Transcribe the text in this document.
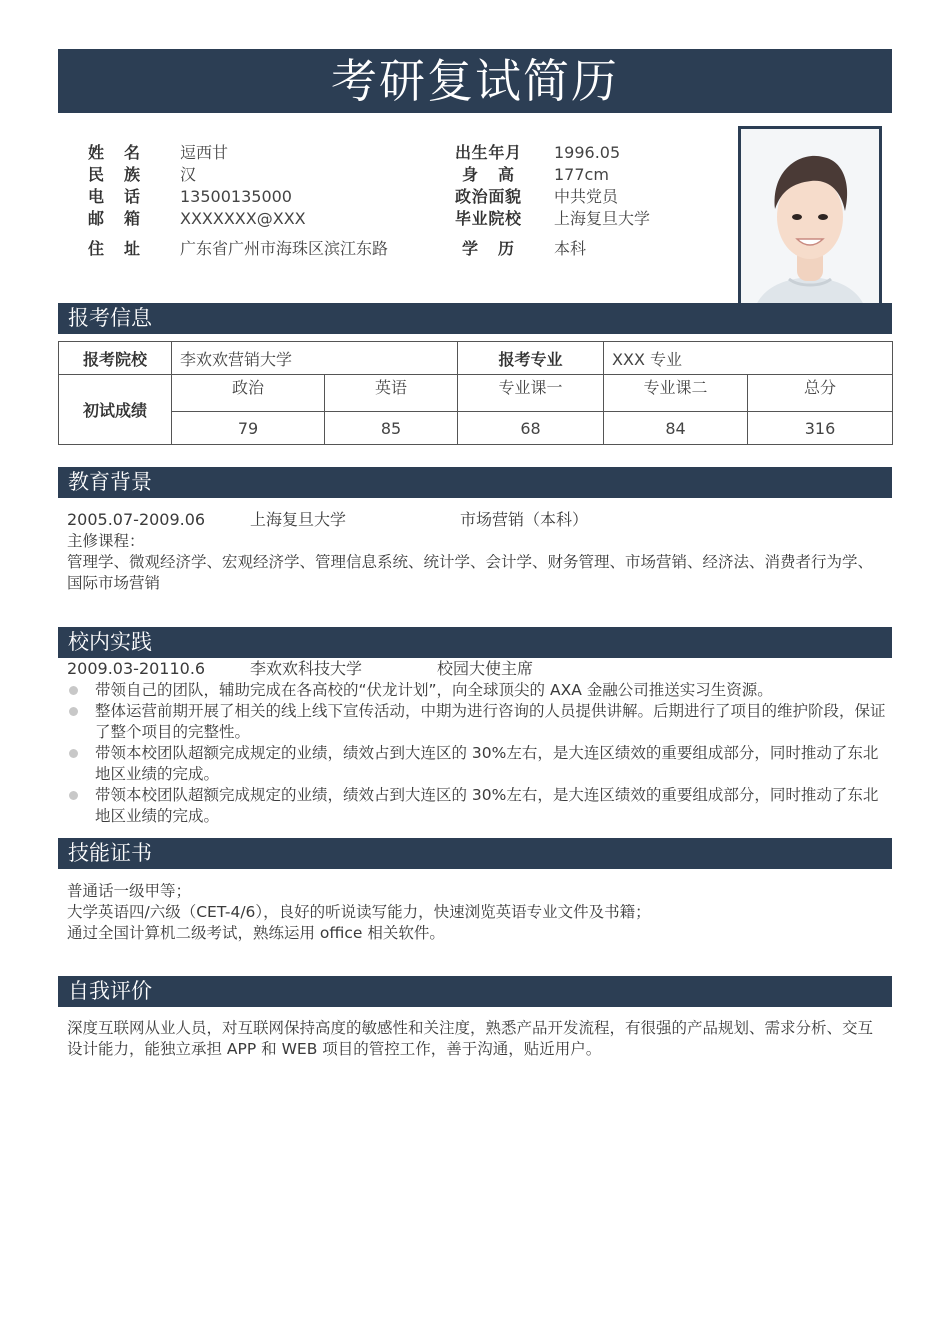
考研复试简历
姓名	逗西甘
民族	汉
电话	13500135000
邮箱	XXXXXXX@XXX
住址	广东省广州市海珠区滨江东路
出生年月 1996.05
身高	177cm
政治面貌 中共党员
毕业院校 上海复旦大学
学历	本科
报考信息
报考院校	李欢欢营销大学		报考专业	XXX 专业	
初试成绩	政治	英语	专业课一	专业课二	总分
	79	85	68	84	316
教育背景
2005.07-2009.06	上海复旦大学	市场营销（本科）
主修课程：
管理学、微观经济学、宏观经济学、管理信息系统、统计学、会计学、财务管理、市场营销、经济法、消费者行为学、国际市场营销
校内实践
2009.03-20110.6	李欢欢科技大学	校园大使主席
带领自己的团队，辅助完成在各高校的“伏龙计划”，向全球顶尖的 AXA 金融公司推送实习生资源。
整体运营前期开展了相关的线上线下宣传活动，中期为进行咨询的人员提供讲解。后期进行了项目的维护阶段，保证了整个项目的完整性。
带领本校团队超额完成规定的业绩，绩效占到大连区的 30%左右，是大连区绩效的重要组成部分，同时推动了东北地区业绩的完成。
带领本校团队超额完成规定的业绩，绩效占到大连区的 30%左右，是大连区绩效的重要组成部分，同时推动了东北地区业绩的完成。
技能证书
普通话一级甲等；
大学英语四/六级（CET-4/6），良好的听说读写能力，快速浏览英语专业文件及书籍；
通过全国计算机二级考试，熟练运用 office 相关软件。
自我评价
深度互联网从业人员，对互联网保持高度的敏感性和关注度，熟悉产品开发流程，有很强的产品规划、需求分析、交互设计能力，能独立承担 APP 和 WEB 项目的管控工作，善于沟通，贴近用户。
